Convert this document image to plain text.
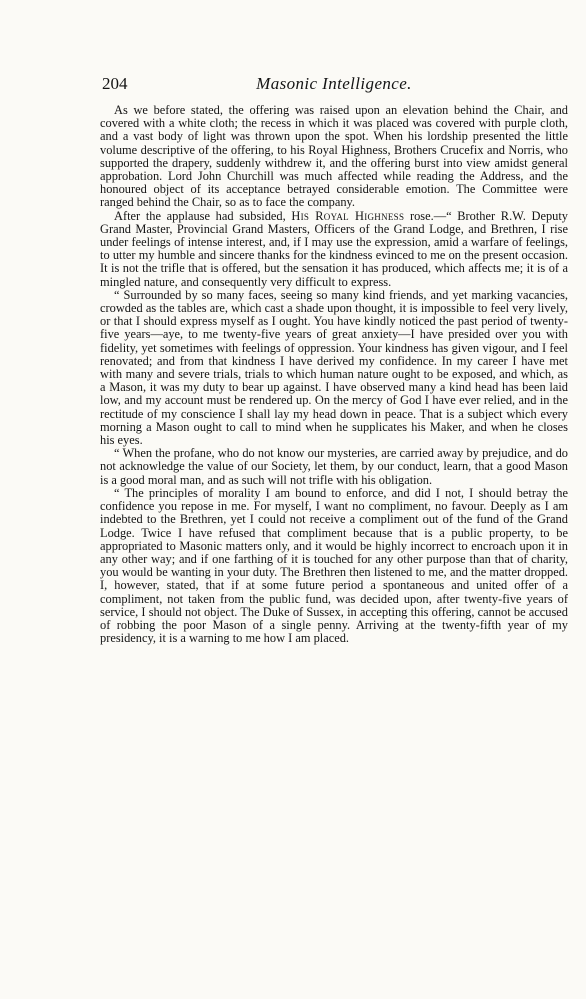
204	Masonic Intelligence.

As we before stated, the offering was raised upon an elevation behind the Chair, and covered with a white cloth; the recess in which it was placed was covered with purple cloth, and a vast body of light was thrown upon the spot. When his lordship presented the little volume descriptive of the offering, to his Royal Highness, Brothers Crucefix and Norris, who supported the drapery, suddenly withdrew it, and the offering burst into view amidst general approbation. Lord John Churchill was much affected while reading the Address, and the honoured object of its acceptance betrayed considerable emotion. The Committee were ranged behind the Chair, so as to face the company.

After the applause had subsided, His Royal Highness rose.—“ Brother R.W. Deputy Grand Master, Provincial Grand Masters, Officers of the Grand Lodge, and Brethren, I rise under feelings of intense interest, and, if I may use the expression, amid a warfare of feelings, to utter my humble and sincere thanks for the kindness evinced to me on the present occasion. It is not the trifle that is offered, but the sensation it has produced, which affects me; it is of a mingled nature, and consequently very difficult to express.

“ Surrounded by so many faces, seeing so many kind friends, and yet marking vacancies, crowded as the tables are, which cast a shade upon thought, it is impossible to feel very lively, or that I should express myself as I ought. You have kindly noticed the past period of twenty-five years—aye, to me twenty-five years of great anxiety—I have presided over you with fidelity, yet sometimes with feelings of oppression. Your kindness has given vigour, and I feel renovated; and from that kindness I have derived my confidence. In my career I have met with many and severe trials, trials to which human nature ought to be exposed, and which, as a Mason, it was my duty to bear up against. I have observed many a kind head has been laid low, and my account must be rendered up. On the mercy of God I have ever relied, and in the rectitude of my conscience I shall lay my head down in peace. That is a subject which every morning a Mason ought to call to mind when he supplicates his Maker, and when he closes his eyes.

“ When the profane, who do not know our mysteries, are carried away by prejudice, and do not acknowledge the value of our Society, let them, by our conduct, learn, that a good Mason is a good moral man, and as such will not trifle with his obligation.

“ The principles of morality I am bound to enforce, and did I not, I should betray the confidence you repose in me. For myself, I want no compliment, no favour. Deeply as I am indebted to the Brethren, yet I could not receive a compliment out of the fund of the Grand Lodge. Twice I have refused that compliment because that is a public property, to be appropriated to Masonic matters only, and it would be highly incorrect to encroach upon it in any other way; and if one farthing of it is touched for any other purpose than that of charity, you would be wanting in your duty. The Brethren then listened to me, and the matter dropped. I, however, stated, that if at some future period a spontaneous and united offer of a compliment, not taken from the public fund, was decided upon, after twenty-five years of service, I should not object. The Duke of Sussex, in accepting this offering, cannot be accused of robbing the poor Mason of a single penny. Arriving at the twenty-fifth year of my presidency, it is a warning to me how I am placed.
